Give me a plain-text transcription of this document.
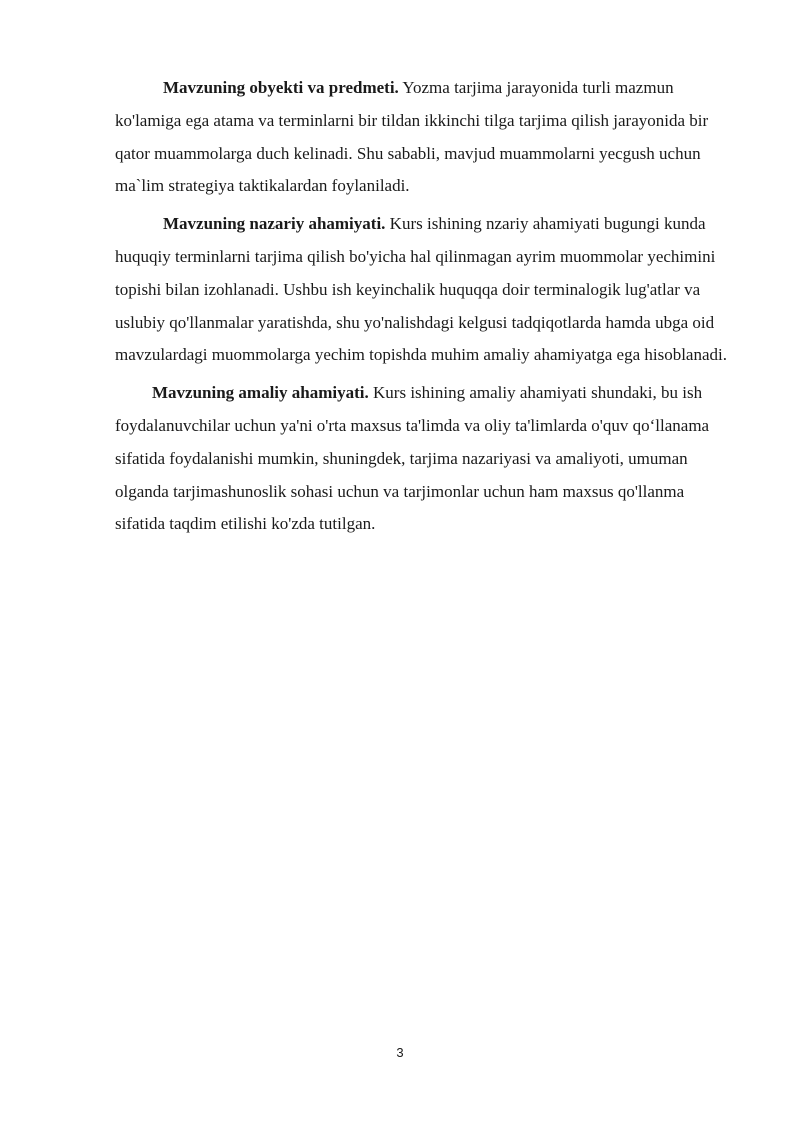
Mavzuning obyekti va predmeti. Yozma tarjima jarayonida turli mazmun ko'lamiga ega atama va terminlarni bir tildan ikkinchi tilga tarjima qilish jarayonida bir qator muammolarga duch kelinadi. Shu sababli, mavjud muammolarni yecgush uchun ma`lim strategiya taktikalardan foylaniladi.

Mavzuning nazariy ahamiyati. Kurs ishining nzariy ahamiyati bugungi kunda huquqiy terminlarni tarjima qilish bo'yicha hal qilinmagan ayrim muommolar yechimini topishi bilan izohlanadi. Ushbu ish keyinchalik huquqqa doir terminalogik lug'atlar va uslubiy qo'llanmalar yaratishda, shu yo'nalishdagi kelgusi tadqiqotlarda hamda ubga oid mavzulardagi muommolarga yechim topishda muhim amaliy ahamiyatga ega hisoblanadi.

Mavzuning amaliy ahamiyati. Kurs ishining amaliy ahamiyati shundaki, bu ish foydalanuvchilar uchun ya'ni o'rta maxsus ta'limda va oliy ta'limlarda o'quv qo‘llanama sifatida foydalanishi mumkin, shuningdek, tarjima nazariyasi va amaliyoti, umuman olganda tarjimashunoslik sohasi uchun va tarjimonlar uchun ham maxsus qo'llanma sifatida taqdim etilishi ko'zda tutilgan.

3
